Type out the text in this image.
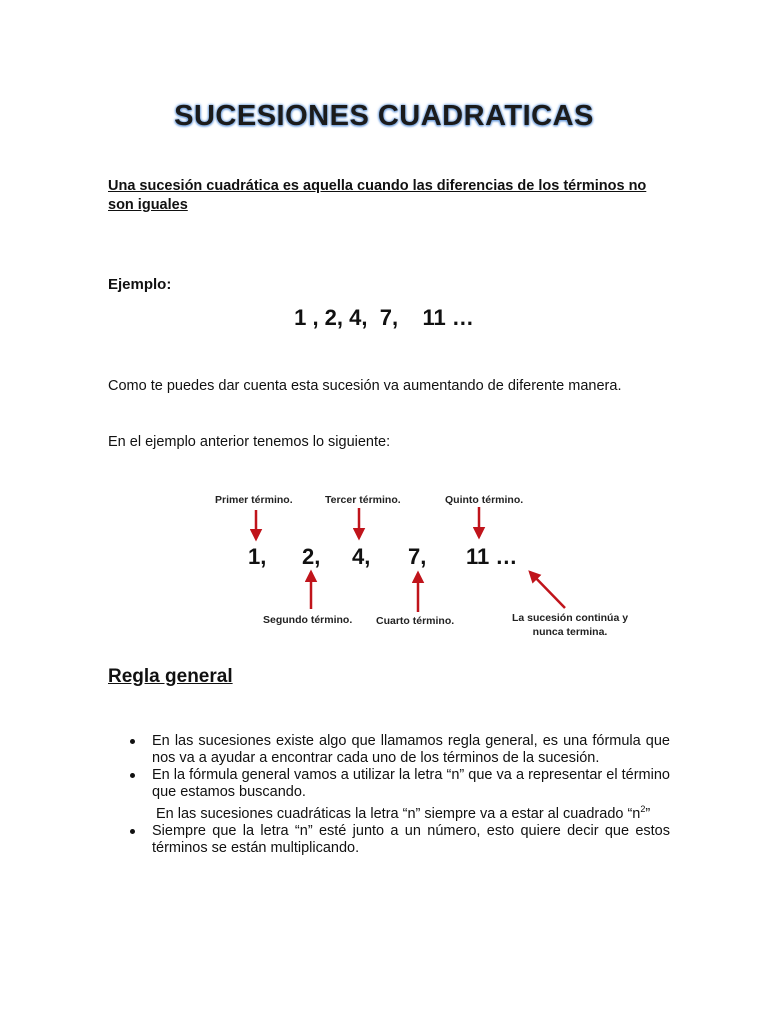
SUCESIONES CUADRATICAS
Una sucesión cuadrática es aquella cuando las diferencias de los términos no son iguales
Ejemplo:
1 , 2, 4,  7,    11 …
Como te puedes dar cuenta esta sucesión va aumentando de diferente manera.
En el ejemplo anterior tenemos lo siguiente:
Primer término.	Tercer término.	Quinto término.
1, 2, 4, 7, 11 …
Segundo término. Cuarto término.	La sucesión continúa y
nunca termina.
Regla general
En las sucesiones existe algo que llamamos regla general, es una fórmula que nos va a ayudar a encontrar cada uno de los términos de la sucesión.
En la fórmula general vamos a utilizar la letra “n” que va a representar el término que estamos buscando.
En las sucesiones cuadráticas la letra “n” siempre va a estar al cuadrado “$n^2$”
Siempre que la letra “n” esté junto a un número, esto quiere decir que estos términos se están multiplicando.
